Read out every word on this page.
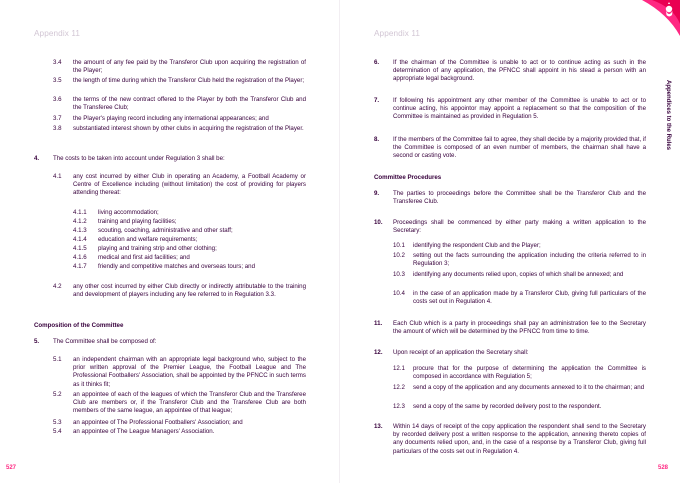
Appendix 11
3.4 the amount of any fee paid by the Transferor Club upon acquiring the registration of the Player;
3.5 the length of time during which the Transferor Club held the registration of the Player;
3.6 the terms of the new contract offered to the Player by both the Transferor Club and the Transferee Club;
3.7 the Player's playing record including any international appearances; and
3.8 substantiated interest shown by other clubs in acquiring the registration of the Player.
4. The costs to be taken into account under Regulation 3 shall be:
4.1 any cost incurred by either Club in operating an Academy, a Football Academy or Centre of Excellence including (without limitation) the cost of providing for players attending thereat:
4.1.1 living accommodation;
4.1.2 training and playing facilities;
4.1.3 scouting, coaching, administrative and other staff;
4.1.4 education and welfare requirements;
4.1.5 playing and training strip and other clothing;
4.1.6 medical and first aid facilities; and
4.1.7 friendly and competitive matches and overseas tours; and
4.2 any other cost incurred by either Club directly or indirectly attributable to the training and development of players including any fee referred to in Regulation 3.3.
Composition of the Committee
5. The Committee shall be composed of:
5.1 an independent chairman with an appropriate legal background who, subject to the prior written approval of the Premier League, the Football League and The Professional Footballers' Association, shall be appointed by the PFNCC in such terms as it thinks fit;
5.2 an appointee of each of the leagues of which the Transferor Club and the Transferee Club are members or, if the Transferor Club and the Transferee Club are both members of the same league, an appointee of that league;
5.3 an appointee of The Professional Footballers' Association; and
5.4 an appointee of The League Managers' Association.
527
Appendix 11
6. If the chairman of the Committee is unable to act or to continue acting as such in the determination of any application, the PFNCC shall appoint in his stead a person with an appropriate legal background.
7. If following his appointment any other member of the Committee is unable to act or to continue acting, his appointor may appoint a replacement so that the composition of the Committee is maintained as provided in Regulation 5.
8. If the members of the Committee fail to agree, they shall decide by a majority provided that, if the Committee is composed of an even number of members, the chairman shall have a second or casting vote.
Committee Procedures
9. The parties to proceedings before the Committee shall be the Transferor Club and the Transferee Club.
10. Proceedings shall be commenced by either party making a written application to the Secretary:
10.1 identifying the respondent Club and the Player;
10.2 setting out the facts surrounding the application including the criteria referred to in Regulation 3;
10.3 identifying any documents relied upon, copies of which shall be annexed; and
10.4 in the case of an application made by a Transferor Club, giving full particulars of the costs set out in Regulation 4.
11. Each Club which is a party in proceedings shall pay an administration fee to the Secretary the amount of which will be determined by the PFNCC from time to time.
12. Upon receipt of an application the Secretary shall:
12.1 procure that for the purpose of determining the application the Committee is composed in accordance with Regulation 5;
12.2 send a copy of the application and any documents annexed to it to the chairman; and
12.3 send a copy of the same by recorded delivery post to the respondent.
13. Within 14 days of receipt of the copy application the respondent shall send to the Secretary by recorded delivery post a written response to the application, annexing thereto copies of any documents relied upon, and, in the case of a response by a Transferor Club, giving full particulars of the costs set out in Regulation 4.
528
Appendices to the Rules
